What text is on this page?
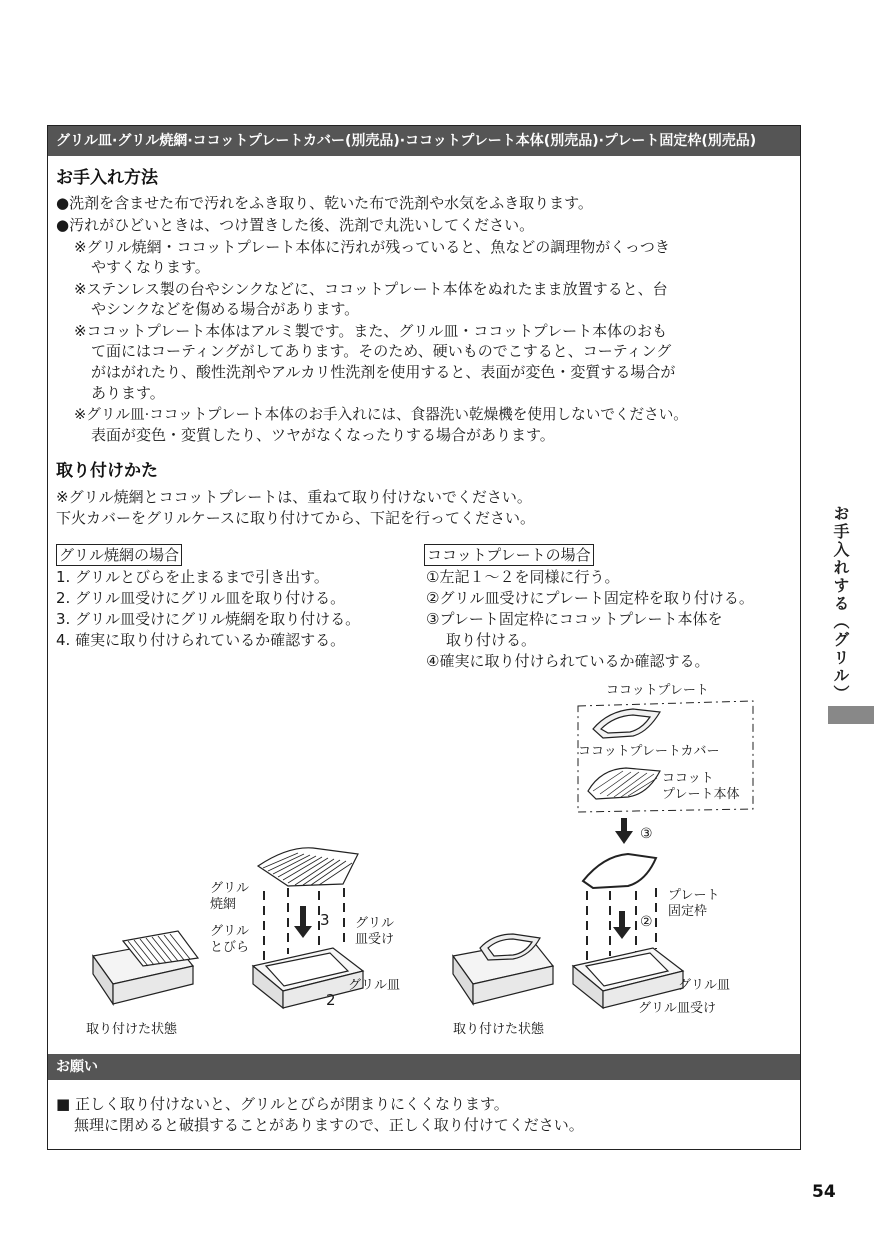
グリル皿·グリル焼網·ココットプレートカバー(別売品)·ココットプレート本体(別売品)·プレート固定枠(別売品)
お手入れ方法
●洗剤を含ませた布で汚れをふき取り、乾いた布で洗剤や水気をふき取ります。
●汚れがひどいときは、つけ置きした後、洗剤で丸洗いしてください。
※グリル焼網・ココットプレート本体に汚れが残っていると、魚などの調理物がくっつき
やすくなります。
※ステンレス製の台やシンクなどに、ココットプレート本体をぬれたまま放置すると、台
やシンクなどを傷める場合があります。
※ココットプレート本体はアルミ製です。また、グリル皿・ココットプレート本体のおも
て面にはコーティングがしてあります。そのため、硬いものでこすると、コーティング
がはがれたり、酸性洗剤やアルカリ性洗剤を使用すると、表面が変色・変質する場合が
あります。
※グリル皿·ココットプレート本体のお手入れには、食器洗い乾燥機を使用しないでください。
表面が変色・変質したり、ツヤがなくなったりする場合があります。
取り付けかた
※グリル焼網とココットプレートは、重ねて取り付けないでください。
下火カバーをグリルケースに取り付けてから、下記を行ってください。
グリル焼網の場合
1. グリルとびらを止まるまで引き出す。
2. グリル皿受けにグリル皿を取り付ける。
3. グリル皿受けにグリル焼網を取り付ける。
4. 確実に取り付けられているか確認する。
ココットプレートの場合
①左記１～２を同様に行う。
②グリル皿受けにプレート固定枠を取り付ける。
③プレート固定枠にココットプレート本体を
取り付ける。
④確実に取り付けられているか確認する。
グリル
焼網
グリル
とびら
グリル
皿受け
グリル皿
3
2
取り付けた状態
ココットプレート
ココットプレートカバー
ココット
プレート本体
③
②
プレート
固定枠
グリル皿
グリル皿受け
取り付けた状態
お願い
■ 正しく取り付けないと、グリルとびらが閉まりにくくなります。
無理に閉めると破損することがありますので、正しく取り付けてください。
お手入れする（グリル）
54
